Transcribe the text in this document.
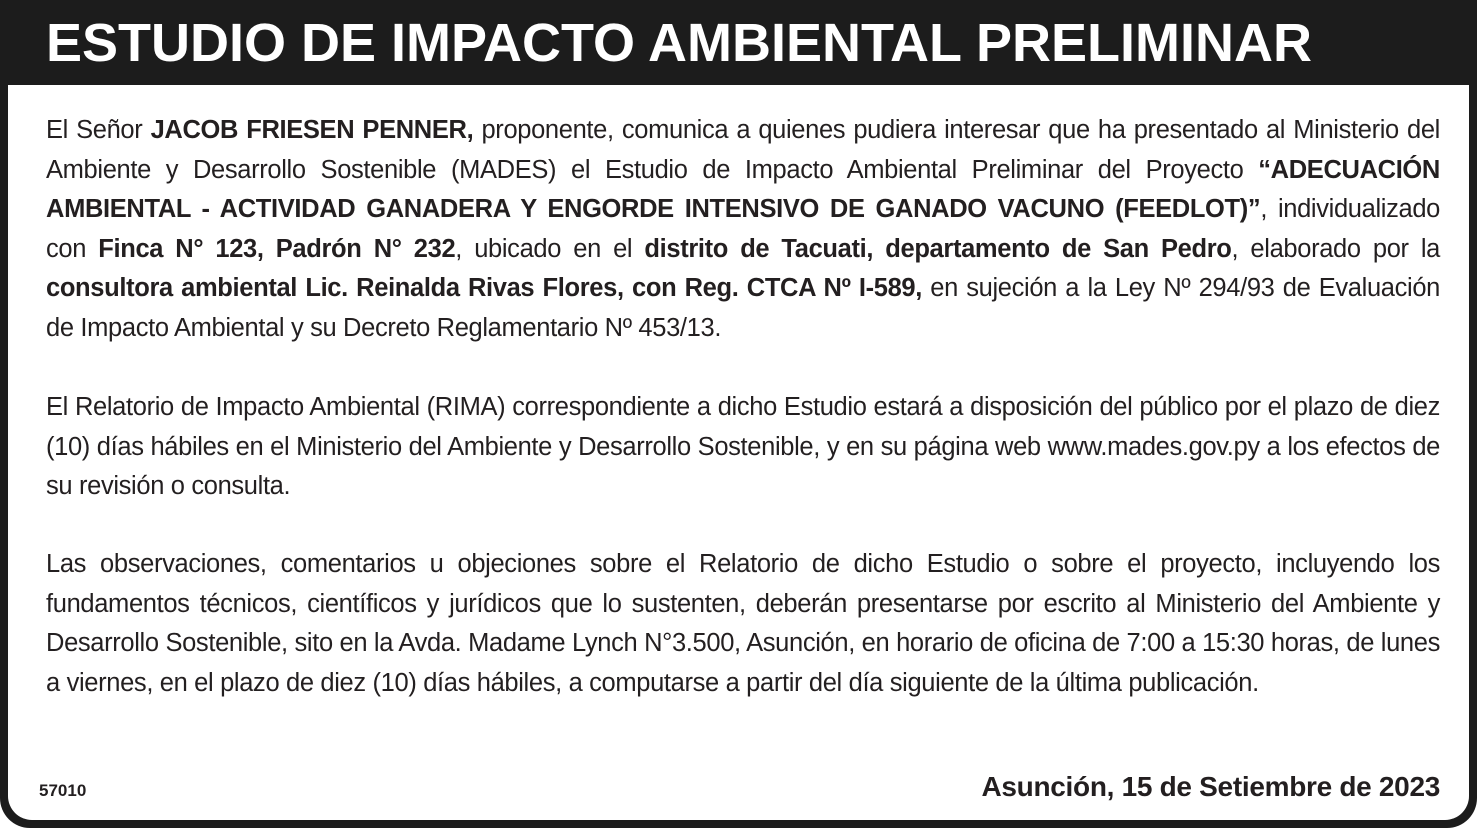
ESTUDIO DE IMPACTO AMBIENTAL PRELIMINAR

El Señor JACOB FRIESEN PENNER, proponente, comunica a quienes pudiera interesar que ha presentado al Ministerio del Ambiente y Desarrollo Sostenible (MADES) el Estudio de Impacto Ambiental Preliminar del Proyecto “ADECUACIÓN AMBIENTAL - ACTIVIDAD GANADERA Y ENGORDE INTENSIVO DE GANADO VACUNO (FEEDLOT)”, individualizado con Finca N° 123, Padrón N° 232, ubicado en el distrito de Tacuati, departamento de San Pedro, elaborado por la consultora ambiental Lic. Reinalda Rivas Flores, con Reg. CTCA Nº I-589, en sujeción a la Ley Nº 294/93 de Evaluación de Impacto Ambiental y su Decreto Reglamentario Nº 453/13.

El Relatorio de Impacto Ambiental (RIMA) correspondiente a dicho Estudio estará a disposición del público por el plazo de diez (10) días hábiles en el Ministerio del Ambiente y Desarrollo Sostenible, y en su página web www.mades.gov.py a los efectos de su revisión o consulta.

Las observaciones, comentarios u objeciones sobre el Relatorio de dicho Estudio o sobre el proyecto, incluyendo los fundamentos técnicos, científicos y jurídicos que lo sustenten, deberán presentarse por escrito al Ministerio del Ambiente y Desarrollo Sostenible, sito en la Avda. Madame Lynch N°3.500, Asunción, en horario de oficina de 7:00 a 15:30 horas, de lunes a viernes, en el plazo de diez (10) días hábiles, a computarse a partir del día siguiente de la última publicación.

57010	Asunción, 15 de Setiembre de 2023
